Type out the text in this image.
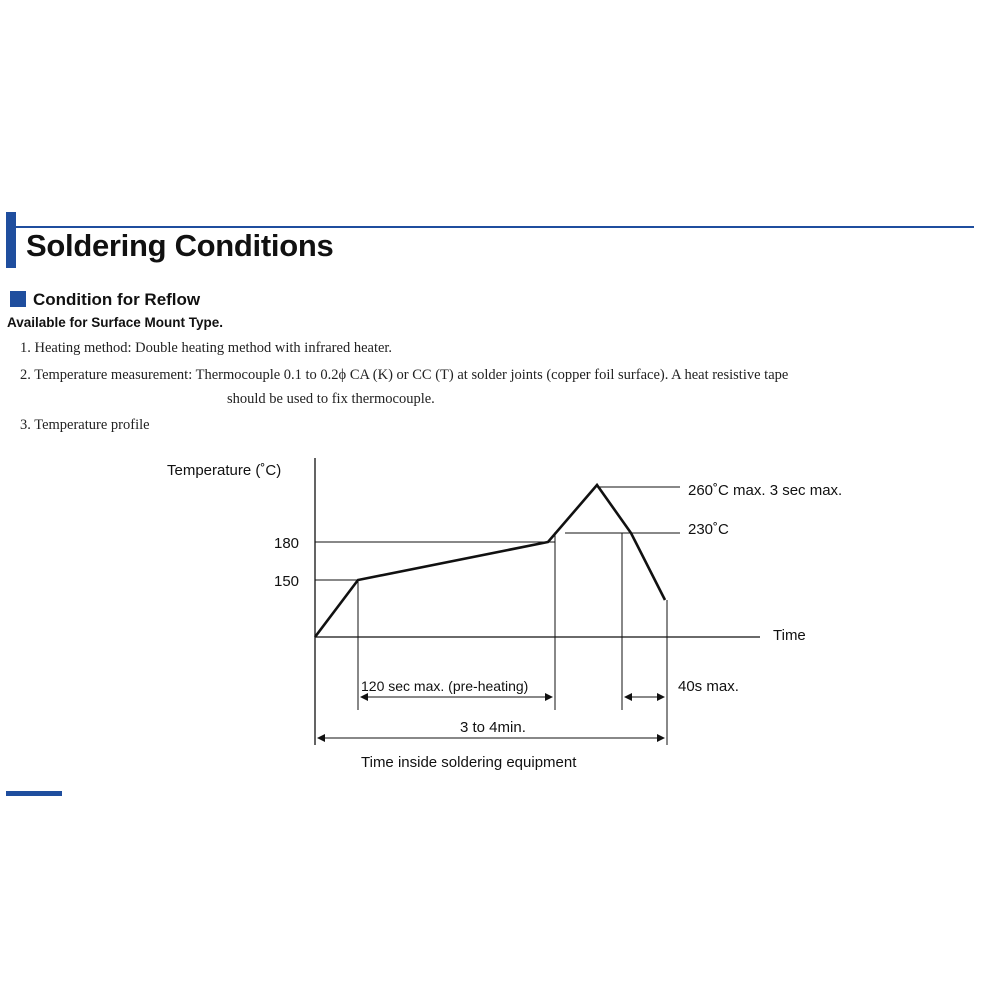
Soldering Conditions
Condition for Reflow
Available for Surface Mount Type.
1. Heating method: Double heating method with infrared heater.
2. Temperature measurement: Thermocouple 0.1 to 0.2ϕ CA (K) or CC (T) at solder joints (copper foil surface). A heat resistive tape
should be used to fix thermocouple.
3. Temperature profile
Temperature (˚C)
180
150
Time
260˚C max. 3 sec max.
230˚C
120 sec max. (pre-heating)	40s max.
3 to 4min.
Time inside soldering equipment
